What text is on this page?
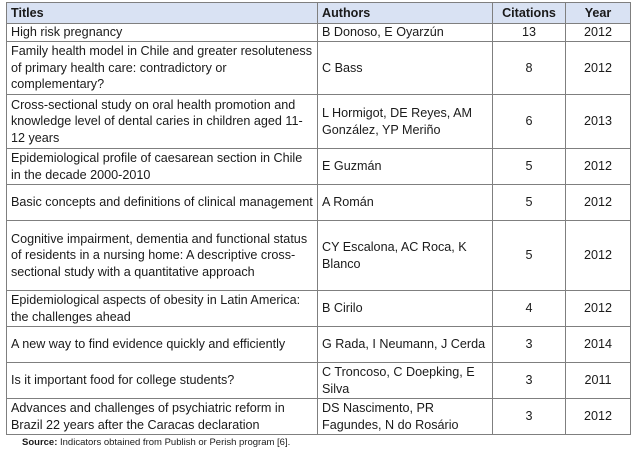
Titles	Authors	Citations	Year
High risk pregnancy	B Donoso, E Oyarzún	13	2012
Family health model in Chile and greater resoluteness of primary health care: contradictory or complementary?	C Bass	8	2012
Cross-sectional study on oral health promotion and knowledge level of dental caries in children aged 11-12 years	L Hormigot, DE Reyes, AM González, YP Meriño	6	2013
Epidemiological profile of caesarean section in Chile in the decade 2000-2010	E Guzmán	5	2012
Basic concepts and definitions of clinical management	A Román	5	2012
Cognitive impairment, dementia and functional status of residents in a nursing home: A descriptive cross-sectional study with a quantitative approach	CY Escalona, AC Roca, K Blanco	5	2012
Epidemiological aspects of obesity in Latin America: the challenges ahead	B Cirilo	4	2012
A new way to find evidence quickly and efficiently	G Rada, I Neumann, J Cerda	3	2014
Is it important food for college students?	C Troncoso, C Doepking, E Silva	3	2011
Advances and challenges of psychiatric reform in Brazil 22 years after the Caracas declaration	DS Nascimento, PR Fagundes, N do Rosário	3	2012
Source: Indicators obtained from Publish or Perish program [6].
